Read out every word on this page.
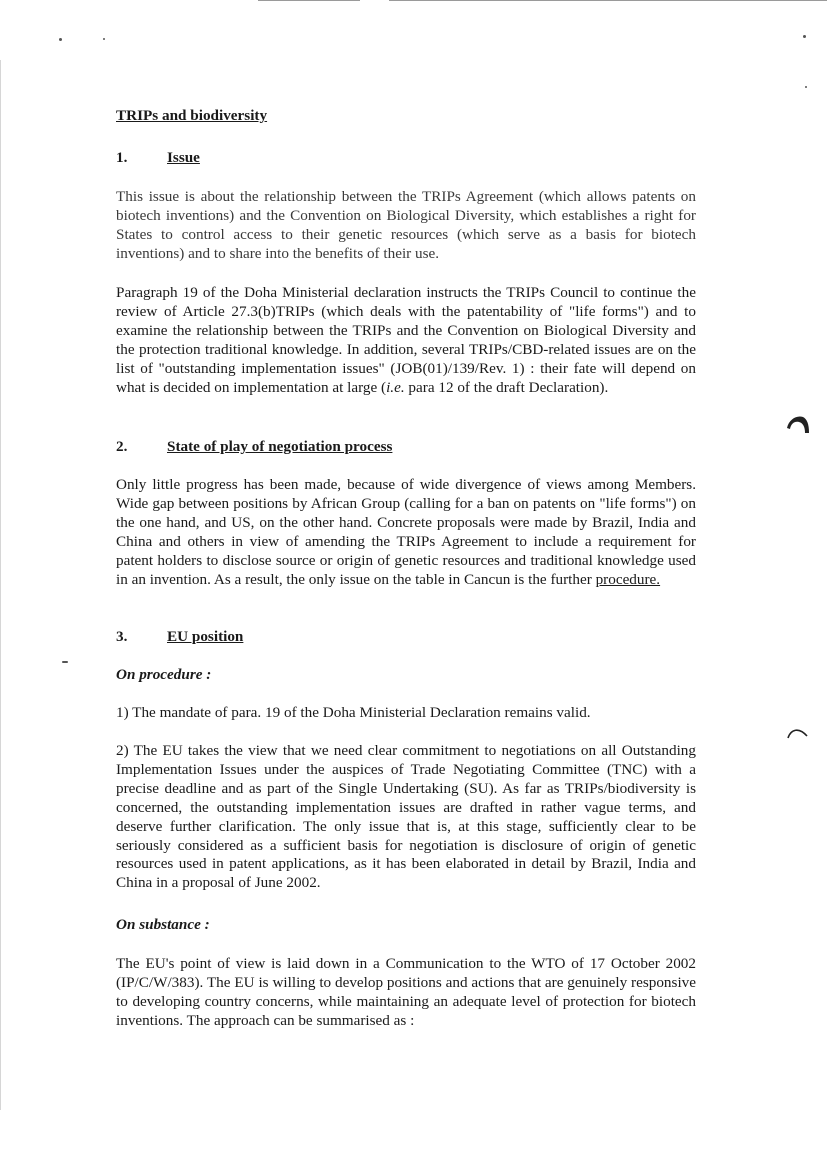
TRIPs and biodiversity

1.	Issue

This issue is about the relationship between the TRIPs Agreement (which allows patents on biotech inventions) and the Convention on Biological Diversity, which establishes a right for States to control access to their genetic resources (which serve as a basis for biotech inventions) and to share into the benefits of their use.

Paragraph 19 of the Doha Ministerial declaration instructs the TRIPs Council to continue the review of Article 27.3(b)TRIPs (which deals with the patentability of "life forms") and to examine the relationship between the TRIPs and the Convention on Biological Diversity and the protection traditional knowledge. In addition, several TRIPs/CBD-related issues are on the list of "outstanding implementation issues" (JOB(01)/139/Rev. 1) : their fate will depend on what is decided on implementation at large (i.e. para 12 of the draft Declaration).

2.	State of play of negotiation process

Only little progress has been made, because of wide divergence of views among Members. Wide gap between positions by African Group (calling for a ban on patents on "life forms") on the one hand, and US, on the other hand. Concrete proposals were made by Brazil, India and China and others in view of amending the TRIPs Agreement to include a requirement for patent holders to disclose source or origin of genetic resources and traditional knowledge used in an invention. As a result, the only issue on the table in Cancun is the further procedure.

3.	EU position

On procedure :

1) The mandate of para. 19 of the Doha Ministerial Declaration remains valid.

2) The EU takes the view that we need clear commitment to negotiations on all Outstanding Implementation Issues under the auspices of Trade Negotiating Committee (TNC) with a precise deadline and as part of the Single Undertaking (SU). As far as TRIPs/biodiversity is concerned, the outstanding implementation issues are drafted in rather vague terms, and deserve further clarification. The only issue that is, at this stage, sufficiently clear to be seriously considered as a sufficient basis for negotiation is disclosure of origin of genetic resources used in patent applications, as it has been elaborated in detail by Brazil, India and China in a proposal of June 2002.

On substance :

The EU's point of view is laid down in a Communication to the WTO of 17 October 2002 (IP/C/W/383). The EU is willing to develop positions and actions that are genuinely responsive to developing country concerns, while maintaining an adequate level of protection for biotech inventions. The approach can be summarised as :
